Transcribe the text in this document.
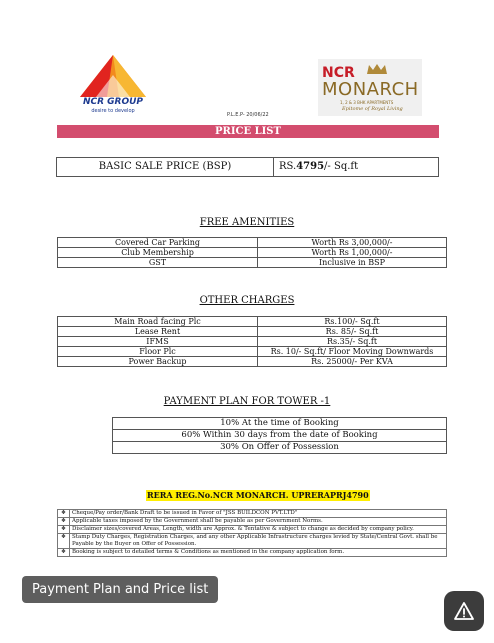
NCR GROUP
desire to develop
P.L.E.P- 20/06/22
NCR
MONARCH
1, 2 & 3 BHK APARTMENTS
Epitome of Royal Living
PRICE LIST
BASIC SALE PRICE (BSP)	RS.4795/- Sq.ft
FREE AMENITIES
Covered Car Parking	Worth Rs 3,00,000/-
Club Membership	Worth Rs 1,00,000/-
GST	Inclusive in BSP
OTHER CHARGES
Main Road facing Plc	Rs.100/- Sq.ft
Lease Rent	Rs. 85/- Sq.ft
IFMS	Rs.35/- Sq.ft
Floor Plc	Rs. 10/- Sq.ft/ Floor Moving Downwards
Power Backup	Rs. 25000/- Per KVA
PAYMENT PLAN FOR TOWER -1
10% At the time of Booking
60% Within 30 days from the date of Booking
30% On Offer of Possession
RERA REG.No.NCR MONARCH. UPRERAPRJ4790
❖	Cheque/Pay order/Bank Draft to be issued in Favor of "JSS BUILDCON PVT.LTD"
❖	Applicable taxes imposed by the Government shall be payable as per Government Norms.
❖	Disclaimer sizes/covered Areas, Length, width are Approx. & Tentative & subject to change as decided by company policy.
❖	Stamp Duty Charges, Registration Charges, and any other Applicable Infrastructure charges levied by State/Central Govt. shall be Payable by the Buyer on Offer of Possession.
❖	Booking is subject to detailed terms & Conditions as mentioned in the company application form.
Payment Plan and Price list
